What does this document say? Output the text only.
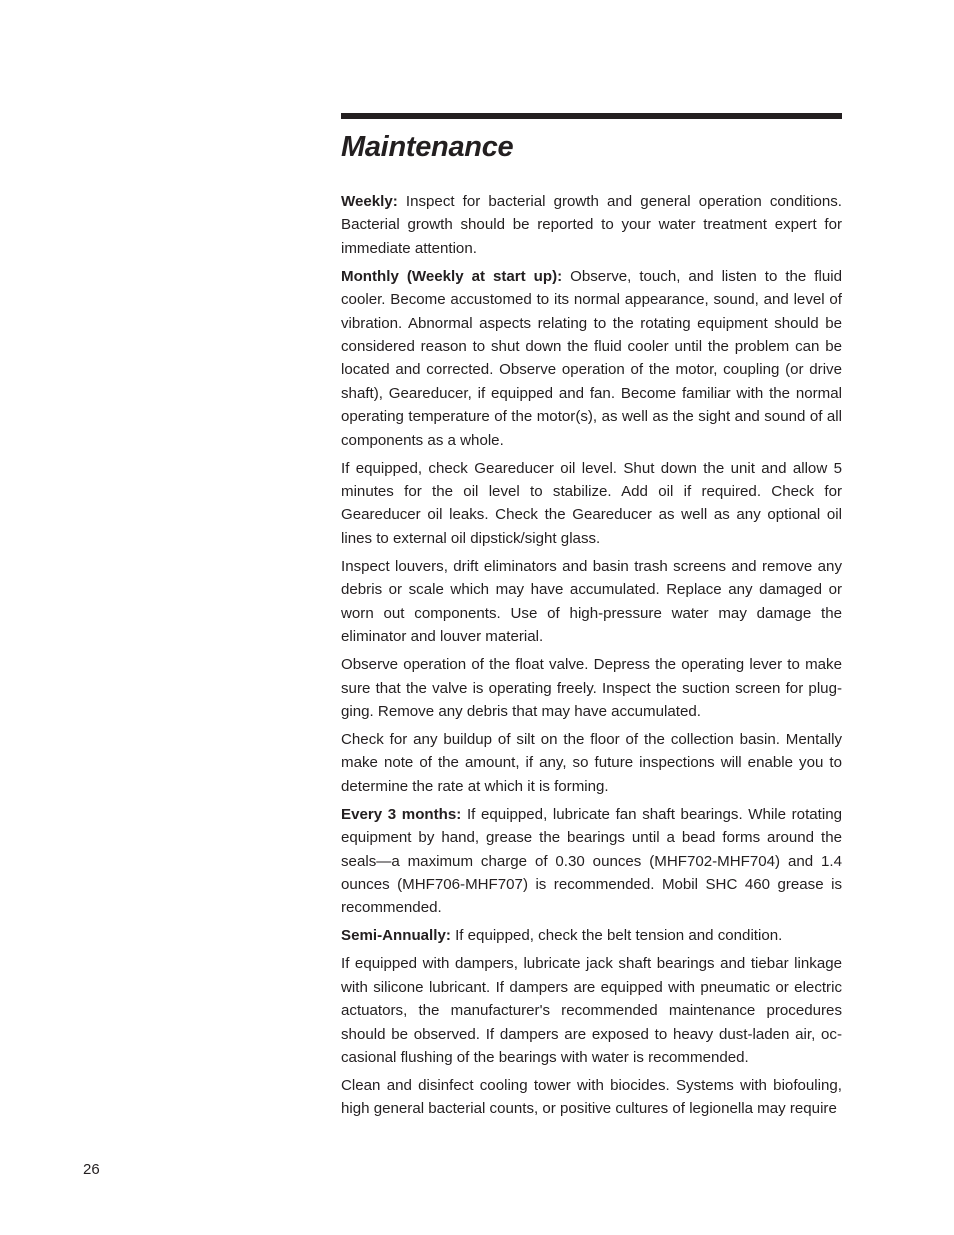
Maintenance

Weekly: Inspect for bacterial growth and general operation conditions. Bacterial growth should be reported to your water treatment expert for immediate attention.

Monthly (Weekly at start up): Observe, touch, and listen to the fluid cooler. Become accustomed to its normal appearance, sound, and level of vibration. Abnormal aspects relating to the rotating equipment should be considered reason to shut down the fluid cooler until the problem can be located and corrected. Observe operation of the motor, coupling (or drive shaft), Geareducer, if equipped and fan. Become familiar with the normal operating temperature of the motor(s), as well as the sight and sound of all components as a whole.

If equipped, check Geareducer oil level. Shut down the unit and allow 5 minutes for the oil level to stabilize. Add oil if required. Check for Geareducer oil leaks. Check the Geareducer as well as any optional oil lines to external oil dipstick/sight glass.

Inspect louvers, drift eliminators and basin trash screens and remove any debris or scale which may have accumulated. Replace any damaged or worn out components. Use of high-pressure water may damage the eliminator and louver material.

Observe operation of the float valve. Depress the operating lever to make sure that the valve is operating freely. Inspect the suction screen for plugging. Remove any debris that may have accumulated.

Check for any buildup of silt on the floor of the collection basin. Mentally make note of the amount, if any, so future inspections will enable you to determine the rate at which it is forming.

Every 3 months: If equipped, lubricate fan shaft bearings. While rotating equipment by hand, grease the bearings until a bead forms around the seals—a maximum charge of 0.30 ounces (MHF702-MHF704) and 1.4 ounces (MHF706-MHF707) is recommended. Mobil SHC 460 grease is recommended.

Semi-Annually: If equipped, check the belt tension and condition.

If equipped with dampers, lubricate jack shaft bearings and tiebar linkage with silicone lubricant. If dampers are equipped with pneumatic or electric actuators, the manufacturer's recommended maintenance procedures should be observed. If dampers are exposed to heavy dust-laden air, occasional flushing of the bearings with water is recommended.

Clean and disinfect cooling tower with biocides. Systems with biofouling, high general bacterial counts, or positive cultures of legionella may require

26
